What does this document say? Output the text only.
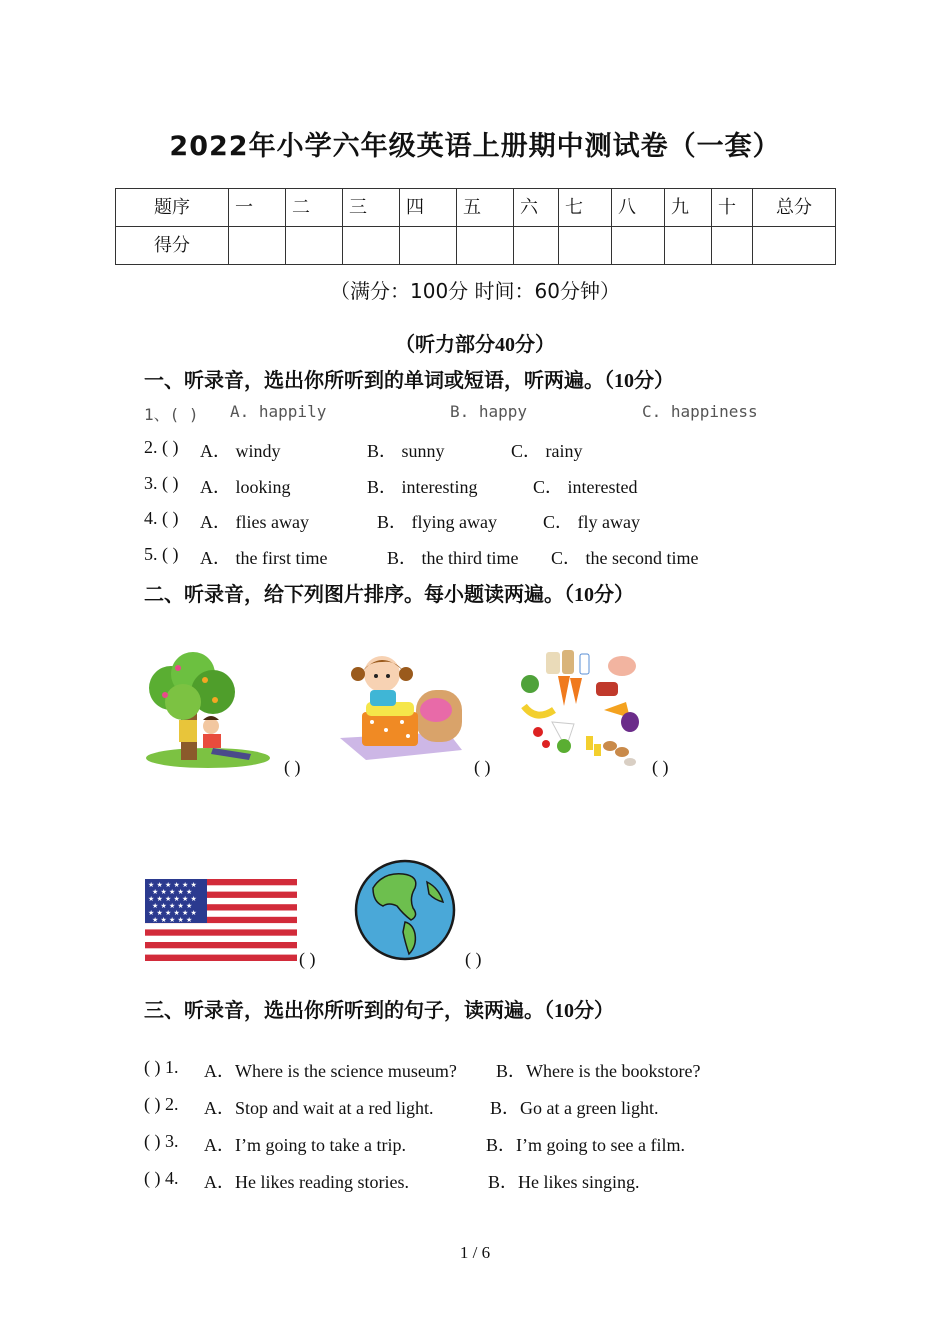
2022年小学六年级英语上册期中测试卷（一套）
题序	一	二	三	四	五	六	七	八	九	十	总分

得分											

（满分：100分 时间：60分钟）
（听力部分40分）
一、听录音，选出你所听到的单词或短语，听两遍。（10分）
1、( ) A. happily	B. happy	C. happiness
2. ( ) A． windy	B． sunny	C． rainy
3. ( ) A． looking	B． interesting	C． interested
4. ( ) A． flies away	B． flying away	C． fly away
5. ( ) A． the first time	B． the third time C． the second time
二、听录音，给下列图片排序。每小题读两遍。（10分）
( )	( )	( )
★ ★ ★ ★ ★ ★
★ ★ ★ ★ ★
★ ★ ★ ★ ★ ★
★ ★ ★ ★ ★
★ ★ ★ ★ ★ ★
★ ★ ★ ★ ★
( )	( )
三、听录音，选出你所听到的句子，读两遍。（10分）
( ) 1. A．Where is the science museum? B．Where is the bookstore?
( ) 2. A．Stop and wait at a red light.	B．Go at a green light.
( ) 3. A．I’m going to take a trip.	B．I’m going to see a film.
( ) 4. A．He likes reading stories.	B．He likes singing.
1 / 6
